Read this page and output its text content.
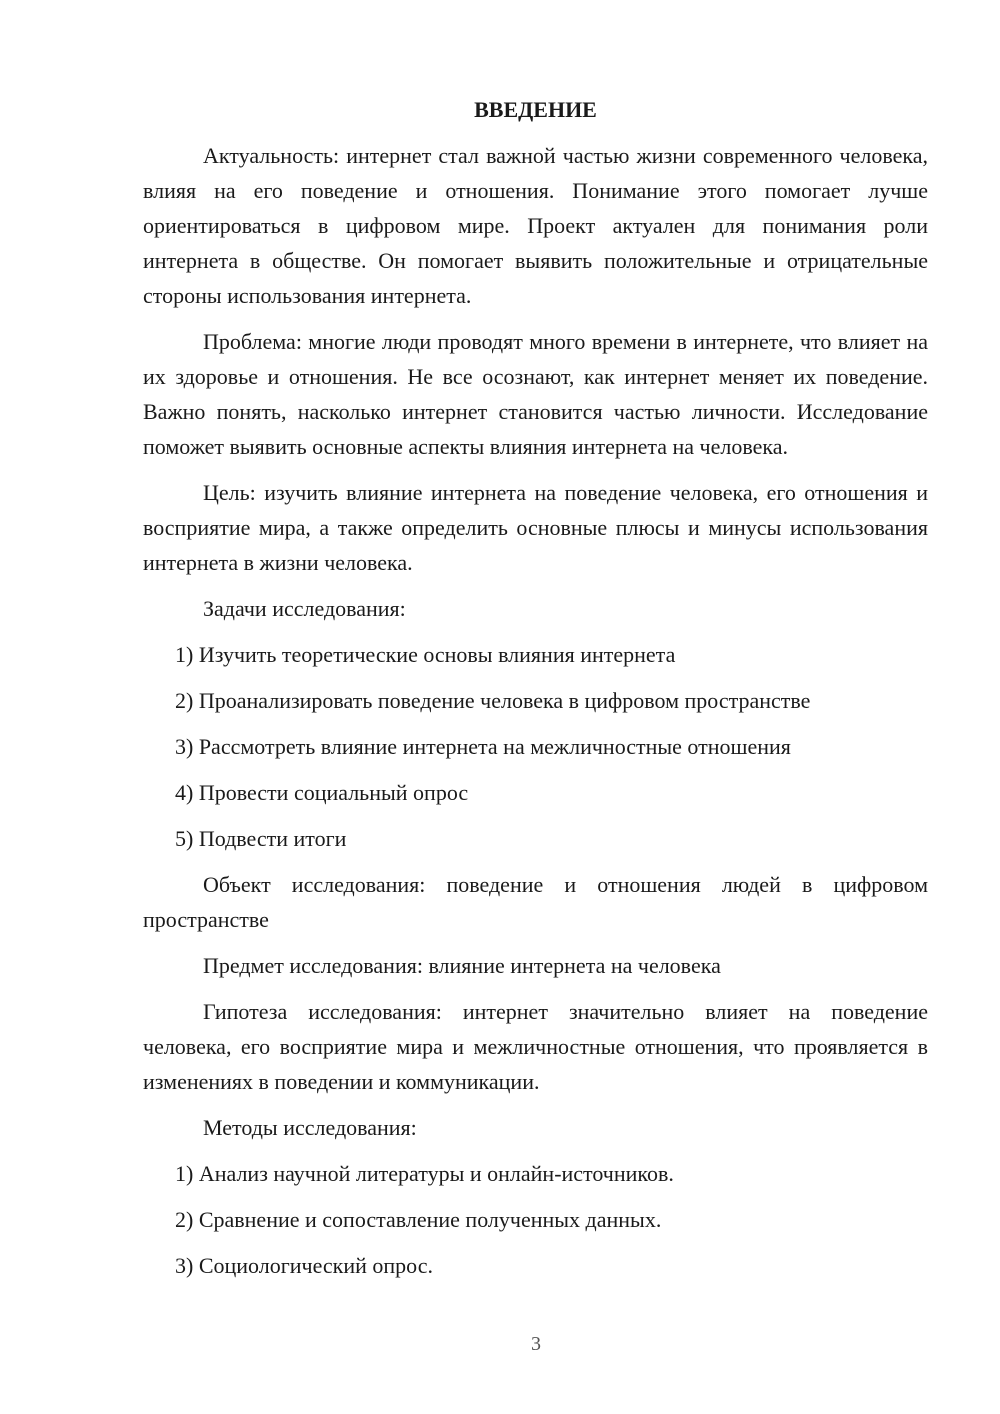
ВВЕДЕНИЕ

Актуальность: интернет стал важной частью жизни современного человека, влияя на его поведение и отношения. Понимание этого помогает лучше ориентироваться в цифровом мире. Проект актуален для понимания роли интернета в обществе. Он помогает выявить положительные и отрицательные стороны использования интернета.

Проблема: многие люди проводят много времени в интернете, что влияет на их здоровье и отношения. Не все осознают, как интернет меняет их поведение. Важно понять, насколько интернет становится частью личности. Исследование поможет выявить основные аспекты влияния интернета на человека.

Цель: изучить влияние интернета на поведение человека, его отношения и восприятие мира, а также определить основные плюсы и минусы использования интернета в жизни человека.

Задачи исследования:

1) Изучить теоретические основы влияния интернета
2) Проанализировать поведение человека в цифровом пространстве
3) Рассмотреть влияние интернета на межличностные отношения
4) Провести социальный опрос
5) Подвести итоги

Объект исследования: поведение и отношения людей в цифровом пространстве

Предмет исследования: влияние интернета на человека

Гипотеза исследования: интернет значительно влияет на поведение человека, его восприятие мира и межличностные отношения, что проявляется в изменениях в поведении и коммуникации.

Методы исследования:

1) Анализ научной литературы и онлайн-источников.
2) Сравнение и сопоставление полученных данных.
3) Социологический опрос.
3
